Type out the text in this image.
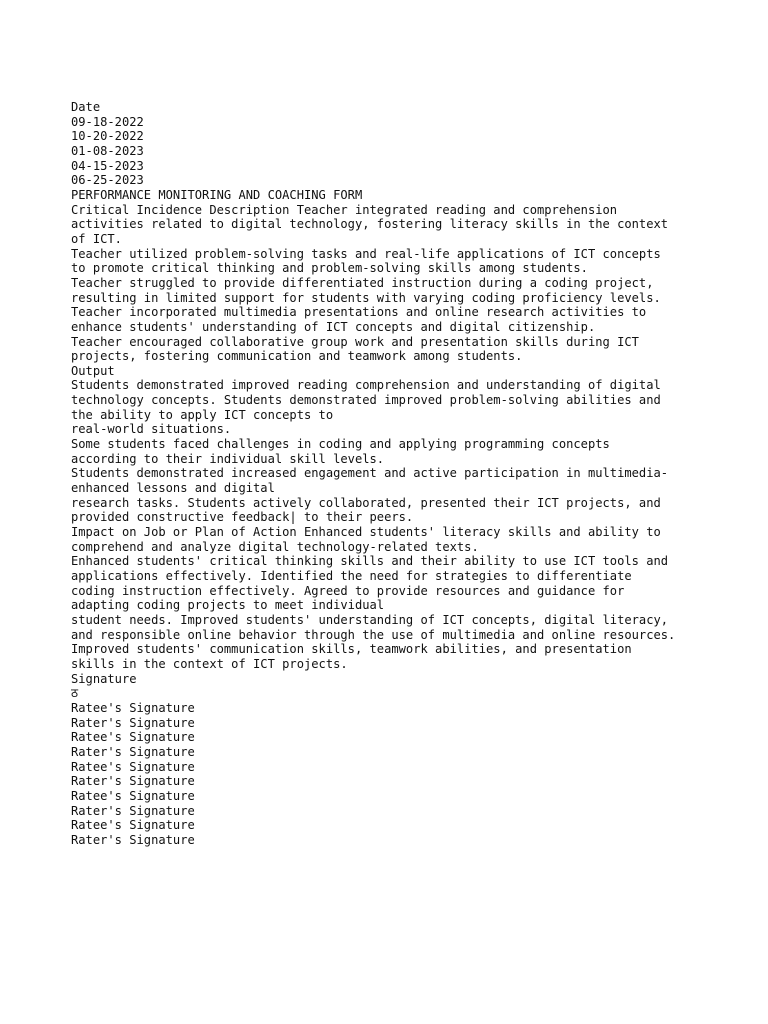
Date
09-18-2022
10-20-2022
01-08-2023
04-15-2023
06-25-2023
PERFORMANCE MONITORING AND COACHING FORM
Critical Incidence Description Teacher integrated reading and comprehension
activities related to digital technology, fostering literacy skills in the context
of ICT.
Teacher utilized problem-solving tasks and real-life applications of ICT concepts
to promote critical thinking and problem-solving skills among students.
Teacher struggled to provide differentiated instruction during a coding project,
resulting in limited support for students with varying coding proficiency levels.
Teacher incorporated multimedia presentations and online research activities to
enhance students' understanding of ICT concepts and digital citizenship.
Teacher encouraged collaborative group work and presentation skills during ICT
projects, fostering communication and teamwork among students.
Output
Students demonstrated improved reading comprehension and understanding of digital
technology concepts. Students demonstrated improved problem-solving abilities and
the ability to apply ICT concepts to
real-world situations.
Some students faced challenges in coding and applying programming concepts
according to their individual skill levels.
Students demonstrated increased engagement and active participation in multimedia-
enhanced lessons and digital
research tasks. Students actively collaborated, presented their ICT projects, and
provided constructive feedback| to their peers.
Impact on Job or Plan of Action Enhanced students' literacy skills and ability to
comprehend and analyze digital technology-related texts.
Enhanced students' critical thinking skills and their ability to use ICT tools and
applications effectively. Identified the need for strategies to differentiate
coding instruction effectively. Agreed to provide resources and guidance for
adapting coding projects to meet individual
student needs. Improved students' understanding of ICT concepts, digital literacy,
and responsible online behavior through the use of multimedia and online resources.
Improved students' communication skills, teamwork abilities, and presentation
skills in the context of ICT projects.
Signature
ठ
Ratee's Signature
Rater's Signature
Ratee's Signature
Rater's Signature
Ratee's Signature
Rater's Signature
Ratee's Signature
Rater's Signature
Ratee's Signature
Rater's Signature
